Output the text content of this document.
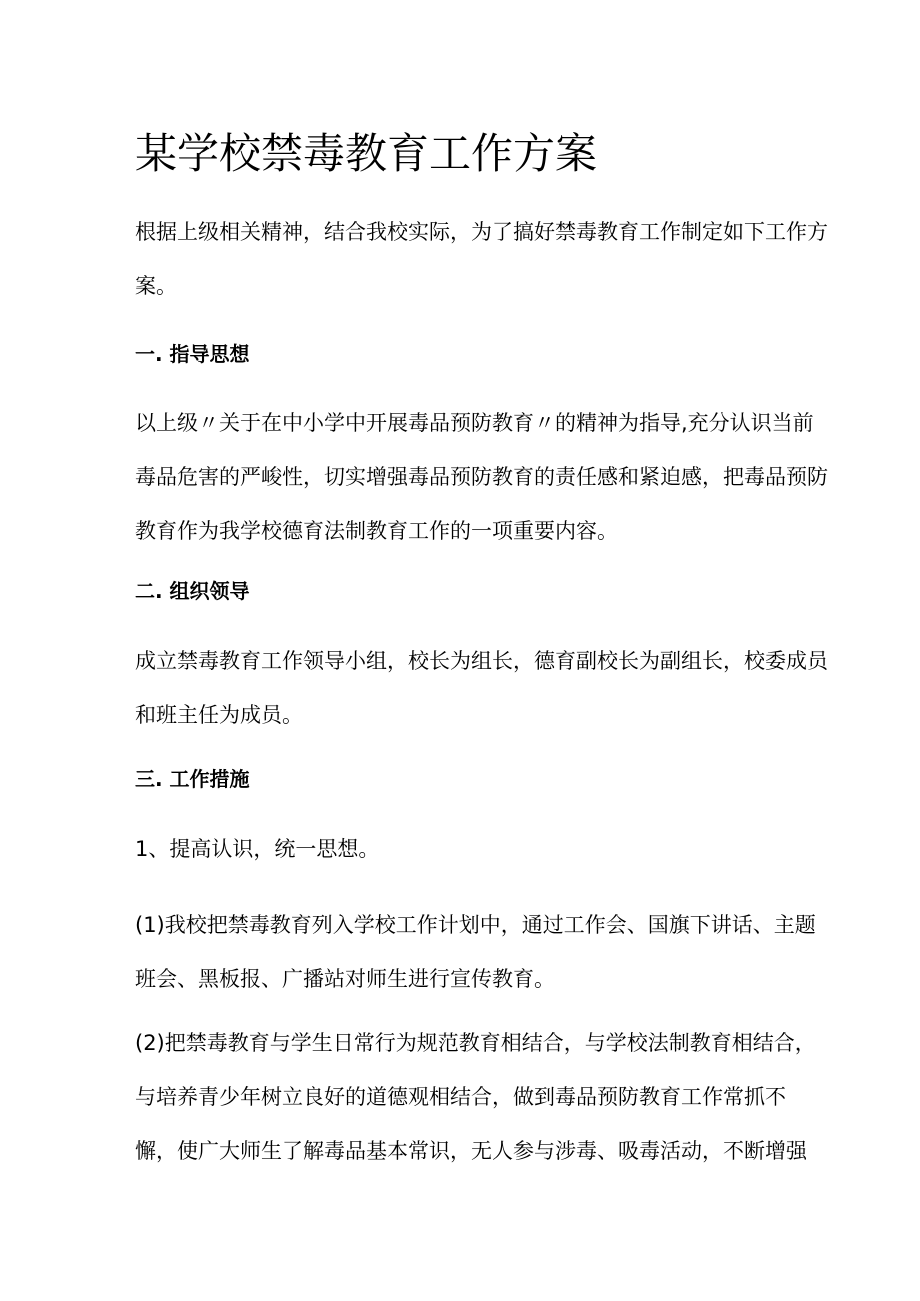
某学校禁毒教育工作方案

根据上级相关精神，结合我校实际，为了搞好禁毒教育工作制定如下工作方
案。

一. 指导思想

以上级〃关于在中小学中开展毒品预防教育〃的精神为指导,充分认识当前
毒品危害的严峻性，切实增强毒品预防教育的责任感和紧迫感，把毒品预防
教育作为我学校德育法制教育工作的一项重要内容。

二. 组织领导

成立禁毒教育工作领导小组，校长为组长，德育副校长为副组长，校委成员
和班主任为成员。

三. 工作措施

1、提高认识，统一思想。

(1)我校把禁毒教育列入学校工作计划中，通过工作会、国旗下讲话、主题
班会、黑板报、广播站对师生进行宣传教育。

(2)把禁毒教育与学生日常行为规范教育相结合，与学校法制教育相结合，
与培养青少年树立良好的道德观相结合，做到毒品预防教育工作常抓不
懈，使广大师生了解毒品基本常识，无人参与涉毒、吸毒活动，不断增强
